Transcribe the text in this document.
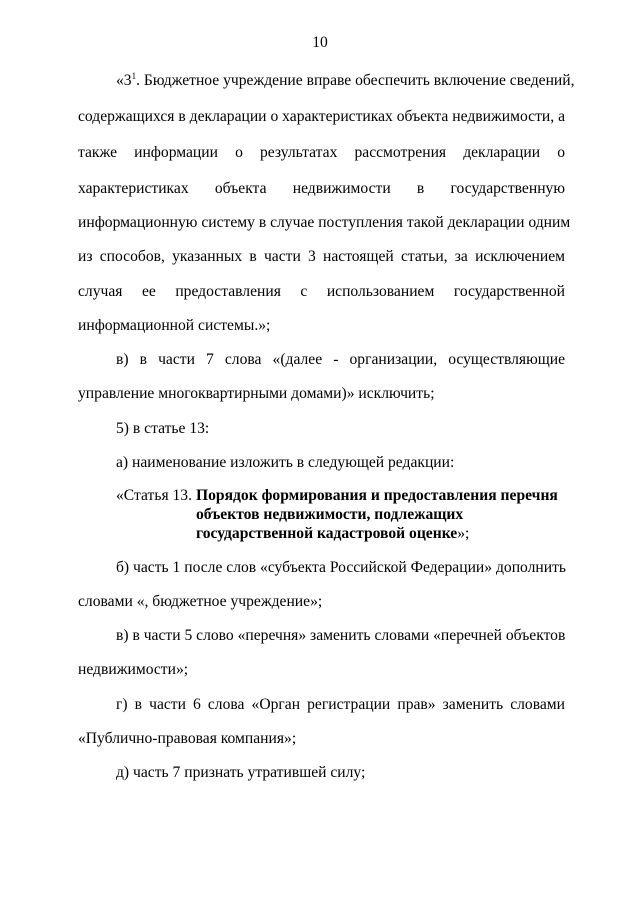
10
«$3^1$. Бюджетное учреждение вправе обеспечить включение сведений,
содержащихся в декларации о характеристиках объекта недвижимости, а
также информации о результатах рассмотрения декларации о
характеристиках объекта недвижимости в государственную
информационную систему в случае поступления такой декларации одним
из способов, указанных в части 3 настоящей статьи, за исключением
случая ее предоставления с использованием государственной
информационной системы.»;
в) в части 7 слова «(далее - организации, осуществляющие
управление многоквартирными домами)» исключить;
5) в статье 13:
а) наименование изложить в следующей редакции:
«Статья 13. Порядок формирования и предоставления перечня
объектов недвижимости, подлежащих
государственной кадастровой оценке»;
б) часть 1 после слов «субъекта Российской Федерации» дополнить
словами «, бюджетное учреждение»;
в) в части 5 слово «перечня» заменить словами «перечней объектов
недвижимости»;
г) в части 6 слова «Орган регистрации прав» заменить словами
«Публично-правовая компания»;
д) часть 7 признать утратившей силу;
